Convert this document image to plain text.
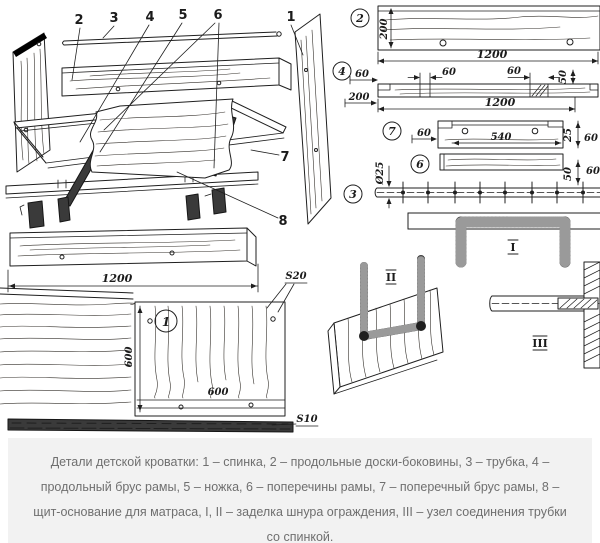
2 3 4 5 6	1
7
8
2
200
1200
4 60	60	60	50
200	1200
7 60	540	25 60
6
50 60
3
Ø25
I
II
III
1200
1
600
600
S20
S10

Детали детской кроватки: 1 – спинка, 2 – продольные доски-боковины, 3 – трубка, 4 – продольный брус рамы, 5 – ножка, 6 – поперечины рамы, 7 – поперечный брус рамы, 8 – щит-основание для матраса, I, II – заделка шнура ограждения, III – узел соединения трубки со спинкой.
